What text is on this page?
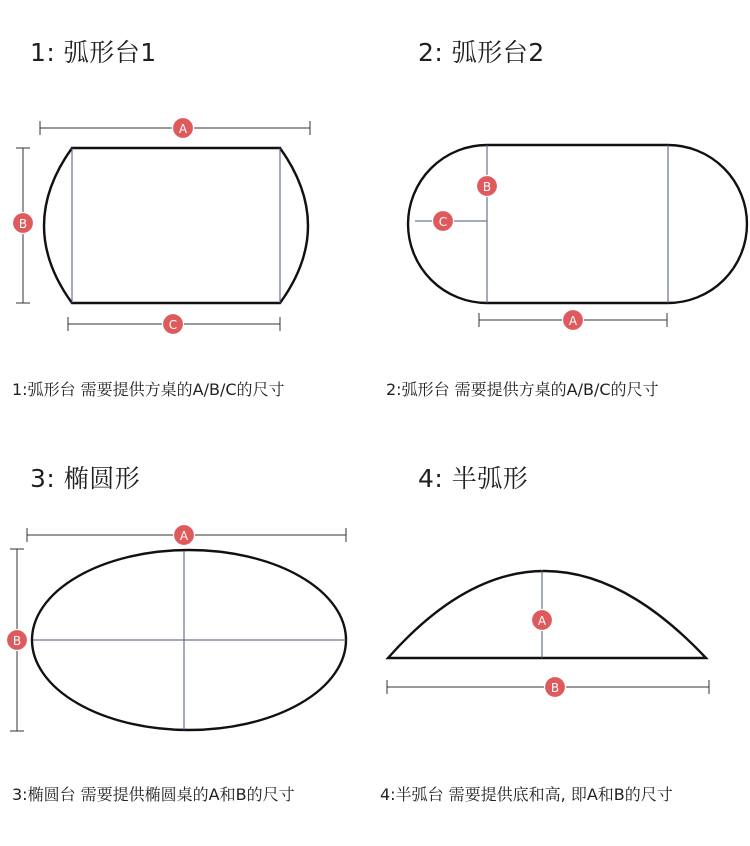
A
B
C
B
C
A
A
B
A
B
1: 弧形台1	2: 弧形台2
3: 椭圆形	4: 半弧形
1:弧形台 需要提供方桌的A/B/C的尺寸	2:弧形台 需要提供方桌的A/B/C的尺寸
3:椭圆台 需要提供椭圆桌的A和B的尺寸	4:半弧台 需要提供底和高, 即A和B的尺寸
